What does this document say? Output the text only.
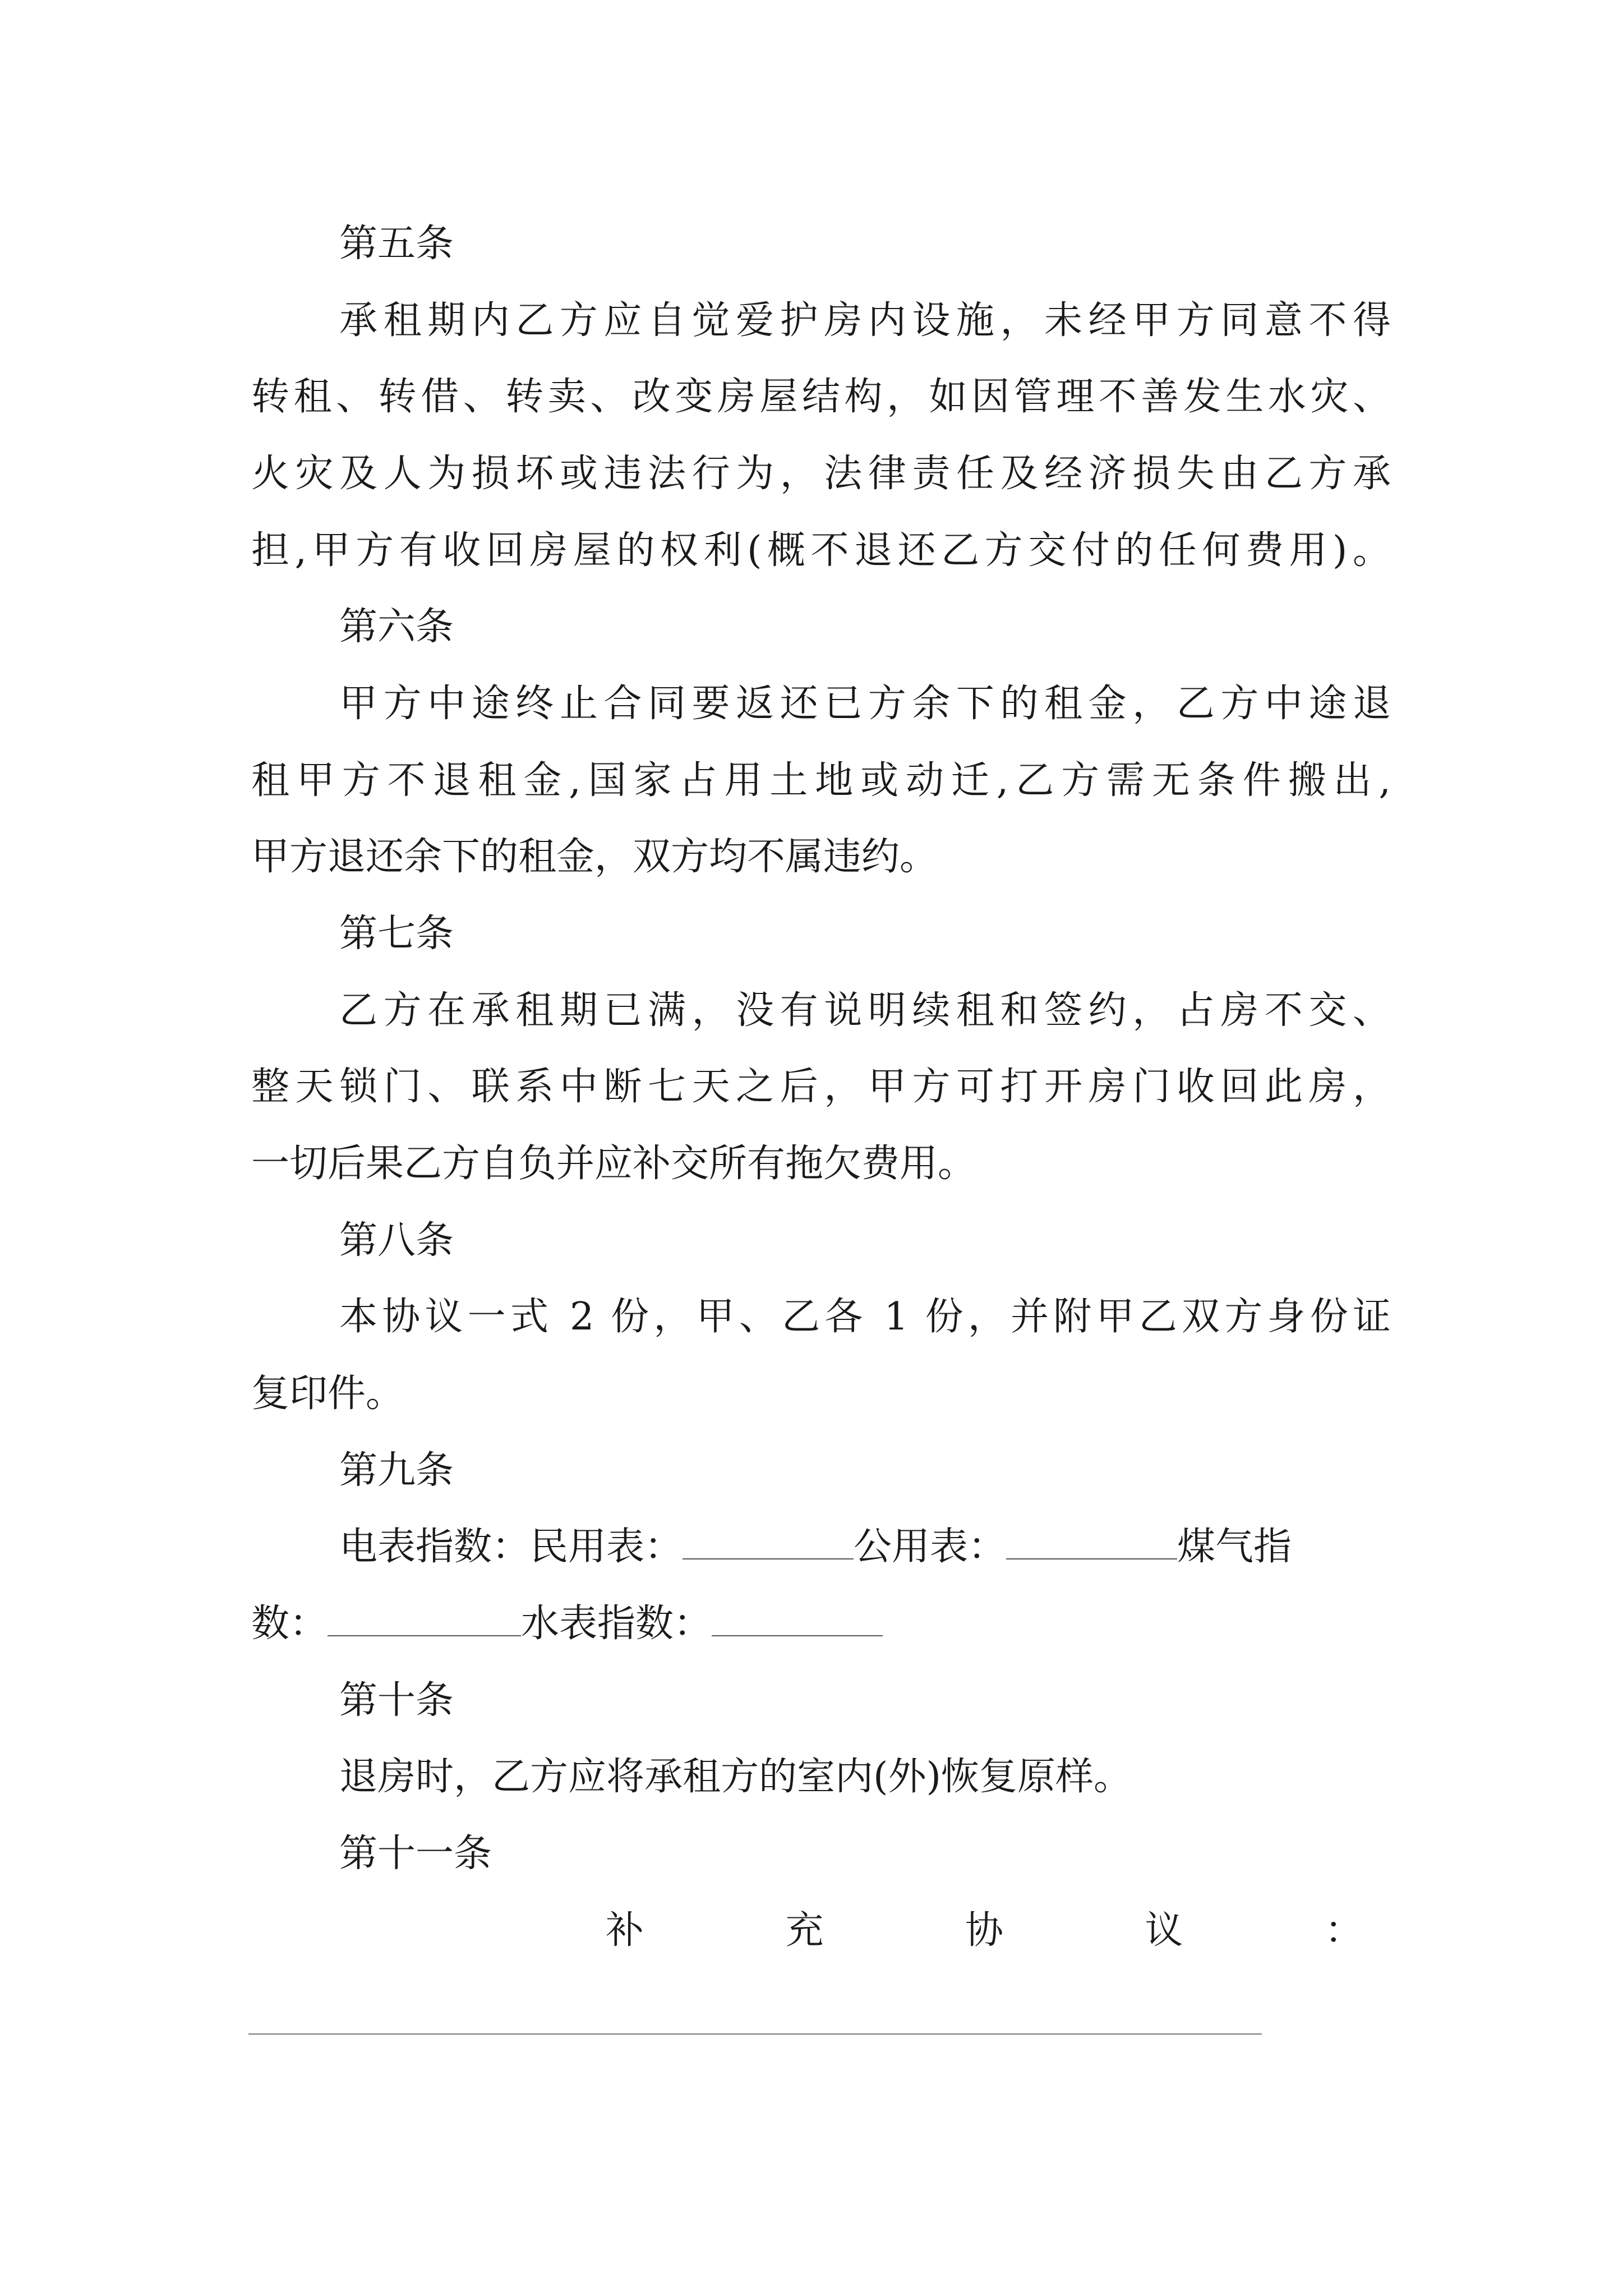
第五条
承租期内乙方应自觉爱护房内设施，未经甲方同意不得
转租、转借、转卖、改变房屋结构，如因管理不善发生水灾、
火灾及人为损坏或违法行为，法律责任及经济损失由乙方承
担,甲方有收回房屋的权利(概不退还乙方交付的任何费用)。
第六条
甲方中途终止合同要返还已方余下的租金，乙方中途退
租甲方不退租金,国家占用土地或动迁,乙方需无条件搬出,
甲方退还余下的租金，双方均不属违约。
第七条
乙方在承租期已满，没有说明续租和签约，占房不交、
整天锁门、联系中断七天之后，甲方可打开房门收回此房，
一切后果乙方自负并应补交所有拖欠费用。
第八条
本协议一式 2 份，甲、乙各 1 份，并附甲乙双方身份证
复印件。
第九条
电表指数：民用表：	公用表：	煤气指
数：	水表指数：
第十条
退房时，乙方应将承租方的室内(外)恢复原样。
第十一条
补	充	协	议	：
